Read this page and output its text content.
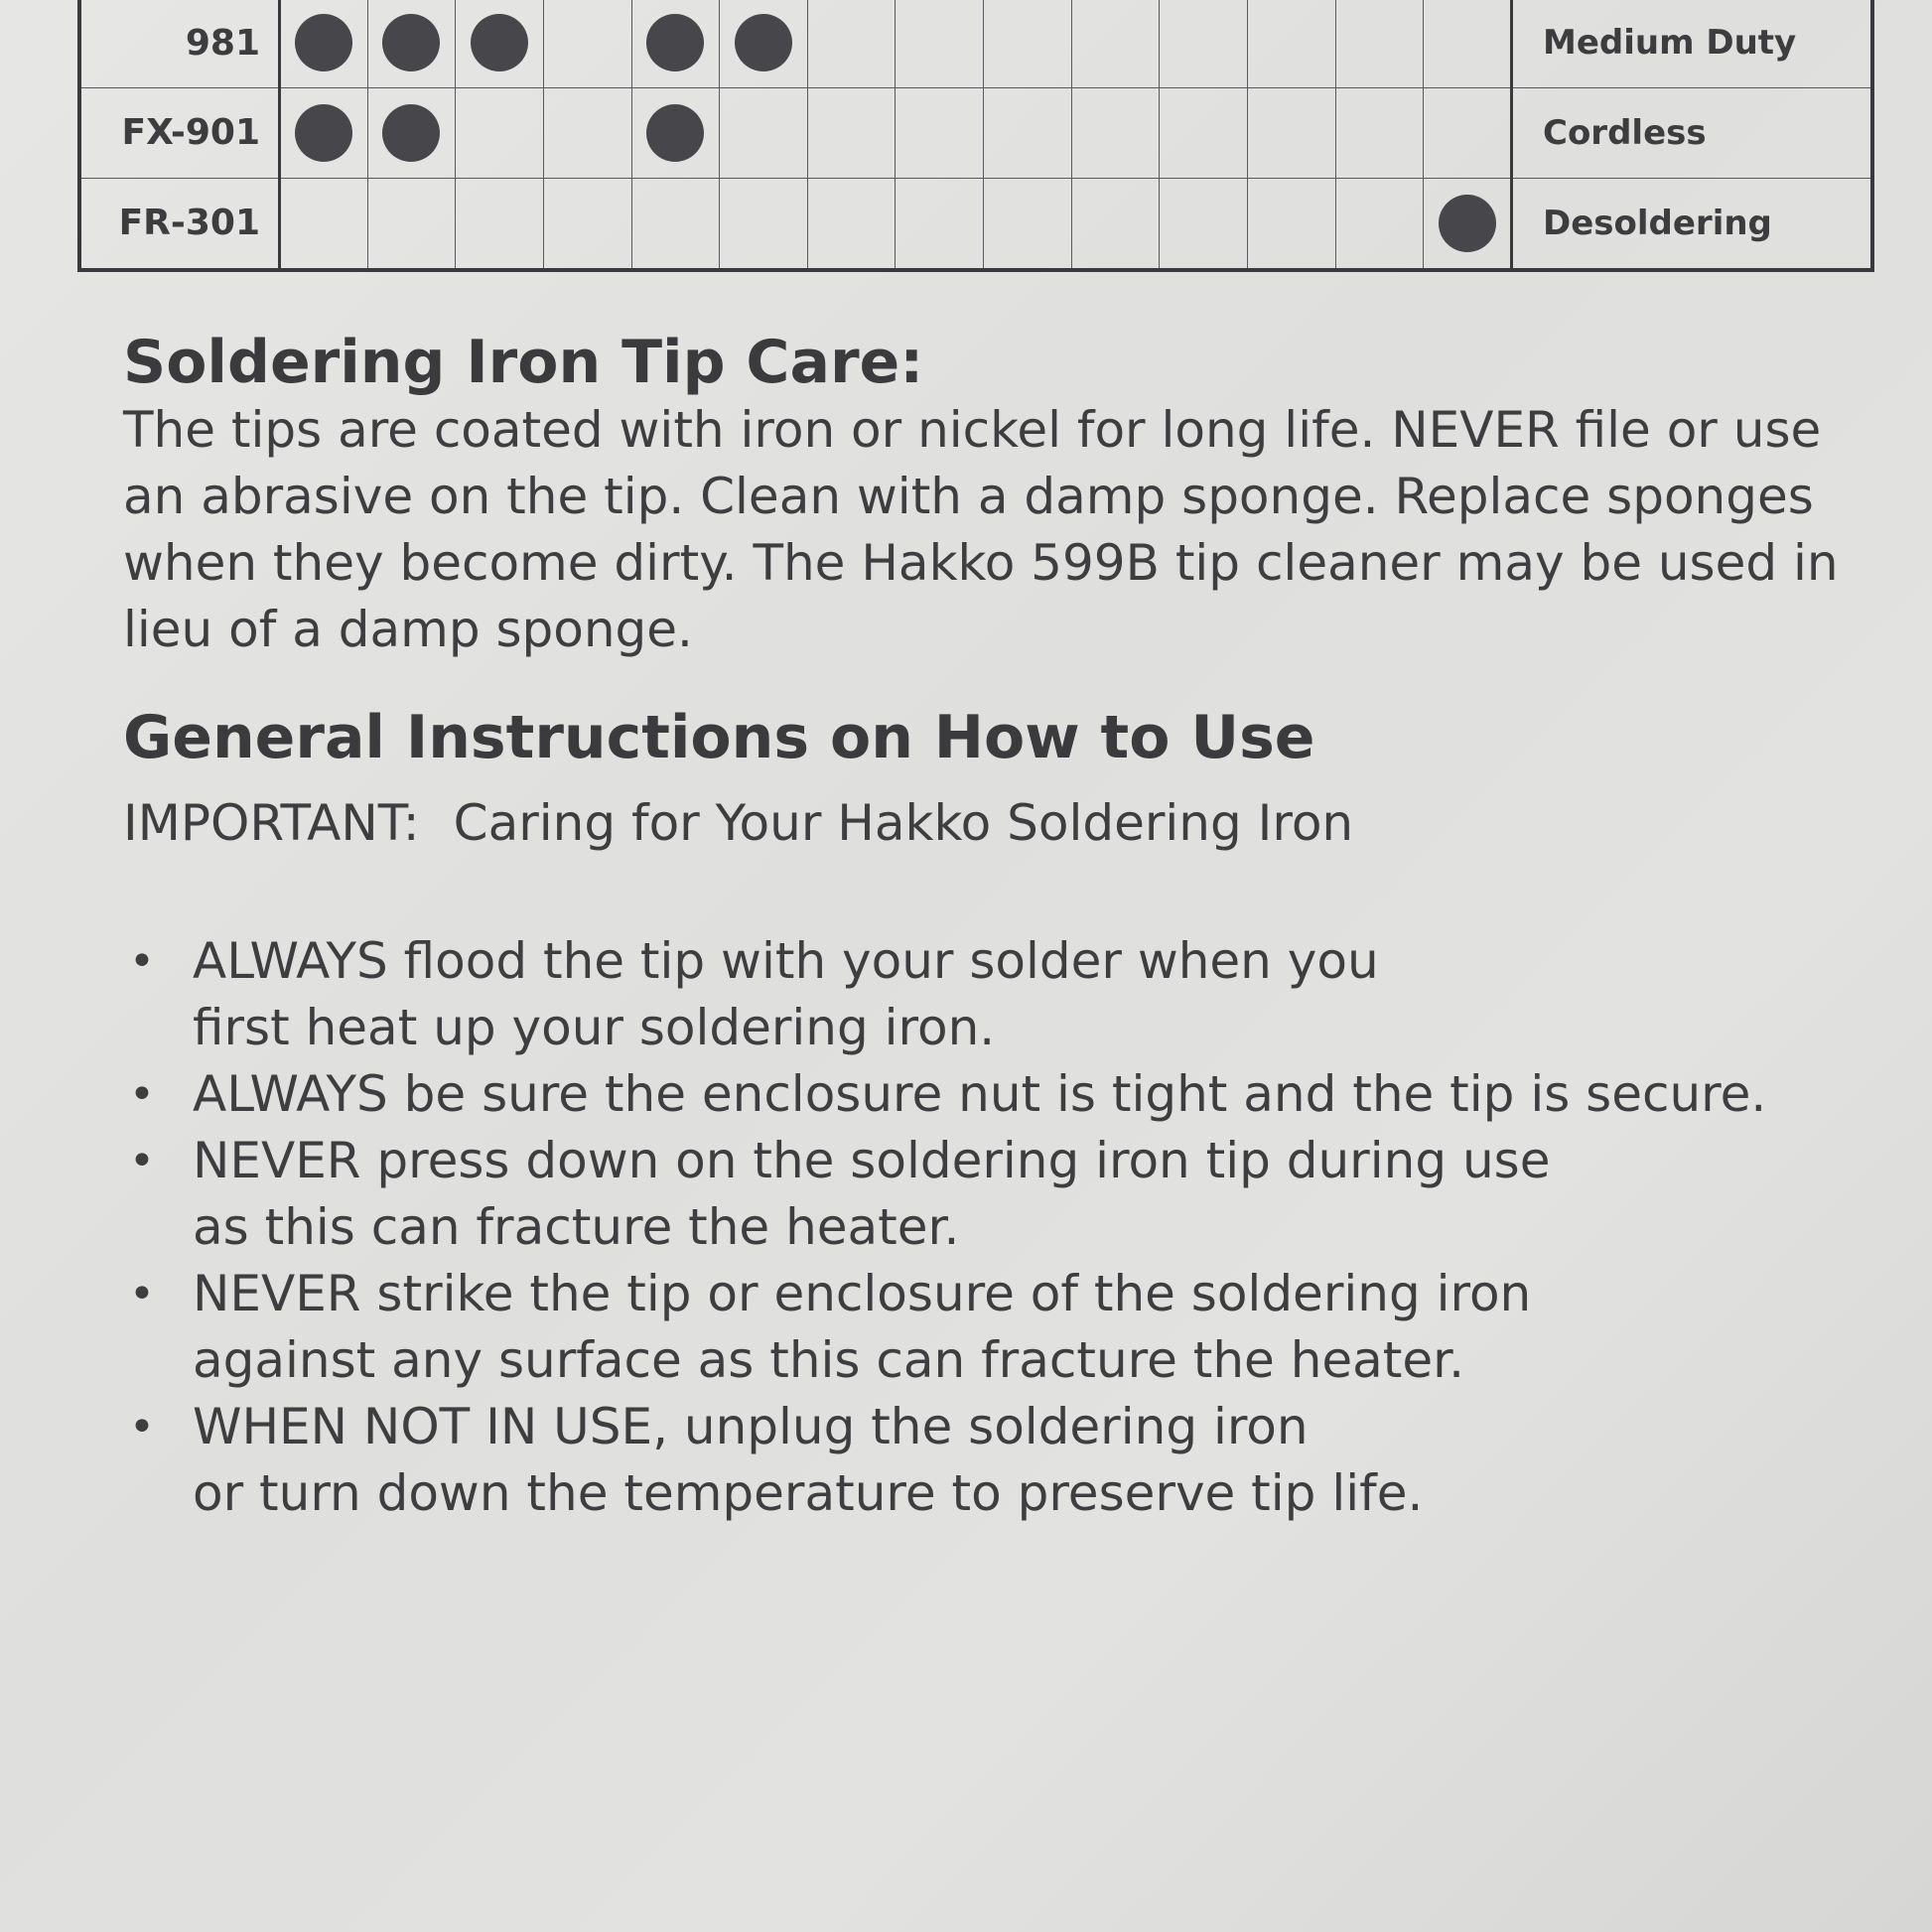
981															Medium Duty
FX-901															Cordless
FR-301															Desoldering
Soldering Iron Tip Care:

The tips are coated with iron or nickel for long life. NEVER file or use an abrasive on the tip. Clean with a damp sponge. Replace sponges when they become dirty. The Hakko 599B tip cleaner may be used in lieu of a damp sponge.

General Instructions on How to Use

IMPORTANT: Caring for Your Hakko Soldering Iron

• ALWAYS flood the tip with your solder when you
first heat up your soldering iron.
• ALWAYS be sure the enclosure nut is tight and the tip is secure.
• NEVER press down on the soldering iron tip during use
as this can fracture the heater.
• NEVER strike the tip or enclosure of the soldering iron
against any surface as this can fracture the heater.
• WHEN NOT IN USE, unplug the soldering iron
or turn down the temperature to preserve tip life.
